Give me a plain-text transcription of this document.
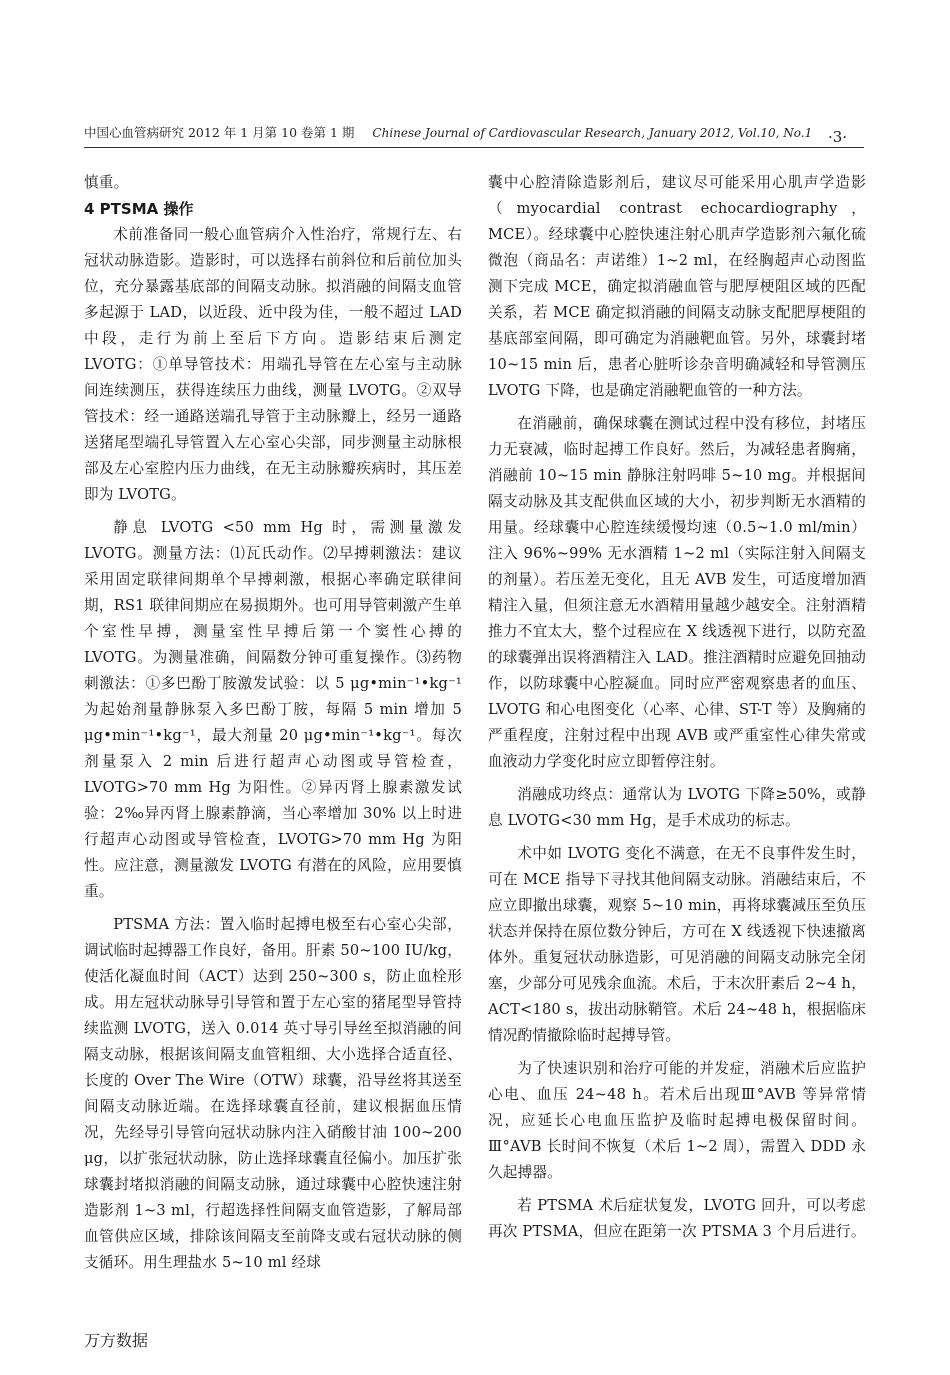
中国心血管病研究 2012 年 1 月第 10 卷第 1 期 Chinese Journal of Cardiovascular Research, January 2012, Vol.10, No.1	·3·

慎重。

4 PTSMA 操作

术前准备同一般心血管病介入性治疗，常规行左、右冠状动脉造影。造影时，可以选择右前斜位和后前位加头位，充分暴露基底部的间隔支动脉。拟消融的间隔支血管多起源于 LAD，以近段、近中段为佳，一般不超过 LAD 中段，走行为前上至后下方向。造影结束后测定 LVOTG：①单导管技术：用端孔导管在左心室与主动脉间连续测压，获得连续压力曲线，测量 LVOTG。②双导管技术：经一通路送端孔导管于主动脉瓣上，经另一通路送猪尾型端孔导管置入左心室心尖部，同步测量主动脉根部及左心室腔内压力曲线，在无主动脉瓣疾病时，其压差即为 LVOTG。

静息 LVOTG <50 mm Hg 时，需测量激发 LVOTG。测量方法：⑴瓦氏动作。⑵早搏刺激法：建议采用固定联律间期单个早搏刺激，根据心率确定联律间期，RS1 联律间期应在易损期外。也可用导管刺激产生单个室性早搏，测量室性早搏后第一个窦性心搏的 LVOTG。为测量准确，间隔数分钟可重复操作。⑶药物刺激法：①多巴酚丁胺激发试验：以 5 μg•min⁻¹•kg⁻¹ 为起始剂量静脉泵入多巴酚丁胺，每隔 5 min 增加 5 μg•min⁻¹•kg⁻¹，最大剂量 20 μg•min⁻¹•kg⁻¹。每次剂量泵入 2 min 后进行超声心动图或导管检查，LVOTG>70 mm Hg 为阳性。②异丙肾上腺素激发试验：2‰异丙肾上腺素静滴，当心率增加 30% 以上时进行超声心动图或导管检查，LVOTG>70 mm Hg 为阳性。应注意，测量激发 LVOTG 有潜在的风险，应用要慎重。

PTSMA 方法：置入临时起搏电极至右心室心尖部，调试临时起搏器工作良好，备用。肝素 50~100 IU/kg，使活化凝血时间（ACT）达到 250~300 s，防止血栓形成。用左冠状动脉导引导管和置于左心室的猪尾型导管持续监测 LVOTG，送入 0.014 英寸导引导丝至拟消融的间隔支动脉，根据该间隔支血管粗细、大小选择合适直径、长度的 Over The Wire（OTW）球囊，沿导丝将其送至间隔支动脉近端。在选择球囊直径前，建议根据血压情况，先经导引导管向冠状动脉内注入硝酸甘油 100~200 μg，以扩张冠状动脉，防止选择球囊直径偏小。加压扩张球囊封堵拟消融的间隔支动脉，通过球囊中心腔快速注射造影剂 1~3 ml，行超选择性间隔支血管造影，了解局部血管供应区域，排除该间隔支至前降支或右冠状动脉的侧支循环。用生理盐水 5~10 ml 经球

囊中心腔清除造影剂后，建议尽可能采用心肌声学造影（myocardial contrast echocardiography，MCE）。经球囊中心腔快速注射心肌声学造影剂六氟化硫微泡（商品名：声诺维）1~2 ml，在经胸超声心动图监测下完成 MCE，确定拟消融血管与肥厚梗阻区域的匹配关系，若 MCE 确定拟消融的间隔支动脉支配肥厚梗阻的基底部室间隔，即可确定为消融靶血管。另外，球囊封堵 10~15 min 后，患者心脏听诊杂音明确减轻和导管测压 LVOTG 下降，也是确定消融靶血管的一种方法。

在消融前，确保球囊在测试过程中没有移位，封堵压力无衰减，临时起搏工作良好。然后，为减轻患者胸痛，消融前 10~15 min 静脉注射吗啡 5~10 mg。并根据间隔支动脉及其支配供血区域的大小，初步判断无水酒精的用量。经球囊中心腔连续缓慢均速（0.5~1.0 ml/min）注入 96%~99% 无水酒精 1~2 ml（实际注射入间隔支的剂量）。若压差无变化，且无 AVB 发生，可适度增加酒精注入量，但须注意无水酒精用量越少越安全。注射酒精推力不宜太大，整个过程应在 X 线透视下进行，以防充盈的球囊弹出误将酒精注入 LAD。推注酒精时应避免回抽动作，以防球囊中心腔凝血。同时应严密观察患者的血压、LVOTG 和心电图变化（心率、心律、ST-T 等）及胸痛的严重程度，注射过程中出现 AVB 或严重室性心律失常或血液动力学变化时应立即暂停注射。

消融成功终点：通常认为 LVOTG 下降≥50%，或静息 LVOTG<30 mm Hg，是手术成功的标志。

术中如 LVOTG 变化不满意，在无不良事件发生时，可在 MCE 指导下寻找其他间隔支动脉。消融结束后，不应立即撤出球囊，观察 5~10 min，再将球囊减压至负压状态并保持在原位数分钟后，方可在 X 线透视下快速撤离体外。重复冠状动脉造影，可见消融的间隔支动脉完全闭塞，少部分可见残余血流。术后，于末次肝素后 2~4 h，ACT<180 s，拔出动脉鞘管。术后 24~48 h，根据临床情况酌情撤除临时起搏导管。

为了快速识别和治疗可能的并发症，消融术后应监护心电、血压 24~48 h。若术后出现Ⅲ°AVB 等异常情况，应延长心电血压监护及临时起搏电极保留时间。Ⅲ°AVB 长时间不恢复（术后 1~2 周），需置入 DDD 永久起搏器。

若 PTSMA 术后症状复发，LVOTG 回升，可以考虑再次 PTSMA，但应在距第一次 PTSMA 3 个月后进行。

万方数据
